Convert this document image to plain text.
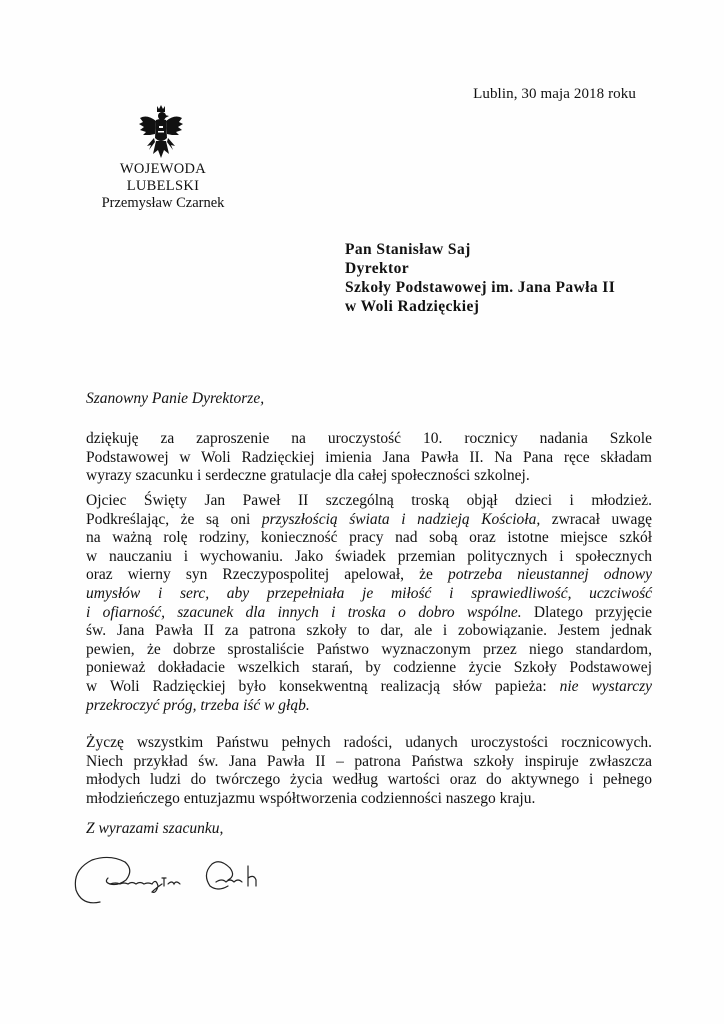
Lublin, 30 maja 2018 roku
WOJEWODA LUBELSKI
Przemysław Czarnek
Pan Stanisław Saj
Dyrektor
Szkoły Podstawowej im. Jana Pawła II
w Woli Radzięckiej
Szanowny Panie Dyrektorze,
dziękuję za zaproszenie na uroczystość 10. rocznicy nadania Szkole
Podstawowej w Woli Radzięckiej imienia Jana Pawła II. Na Pana ręce składam
wyrazy szacunku i serdeczne gratulacje dla całej społeczności szkolnej.
Ojciec Święty Jan Paweł II szczególną troską objął dzieci i młodzież.
Podkreślając, że są oni przyszłością świata i nadzieją Kościoła, zwracał uwagę
na ważną rolę rodziny, konieczność pracy nad sobą oraz istotne miejsce szkół
w nauczaniu i wychowaniu. Jako świadek przemian politycznych i społecznych
oraz wierny syn Rzeczypospolitej apelował, że potrzeba nieustannej odnowy
umysłów i serc, aby przepełniała je miłość i sprawiedliwość, uczciwość
i ofiarność, szacunek dla innych i troska o dobro wspólne. Dlatego przyjęcie
św. Jana Pawła II za patrona szkoły to dar, ale i zobowiązanie. Jestem jednak
pewien, że dobrze sprostaliście Państwo wyznaczonym przez niego standardom,
ponieważ dokładacie wszelkich starań, by codzienne życie Szkoły Podstawowej
w Woli Radzięckiej było konsekwentną realizacją słów papieża: nie wystarczy
przekroczyć próg, trzeba iść w głąb.
Życzę wszystkim Państwu pełnych radości, udanych uroczystości rocznicowych.
Niech przykład św. Jana Pawła II – patrona Państwa szkoły inspiruje zwłaszcza
młodych ludzi do twórczego życia według wartości oraz do aktywnego i pełnego
młodzieńczego entuzjazmu współtworzenia codzienności naszego kraju.
Z wyrazami szacunku,
